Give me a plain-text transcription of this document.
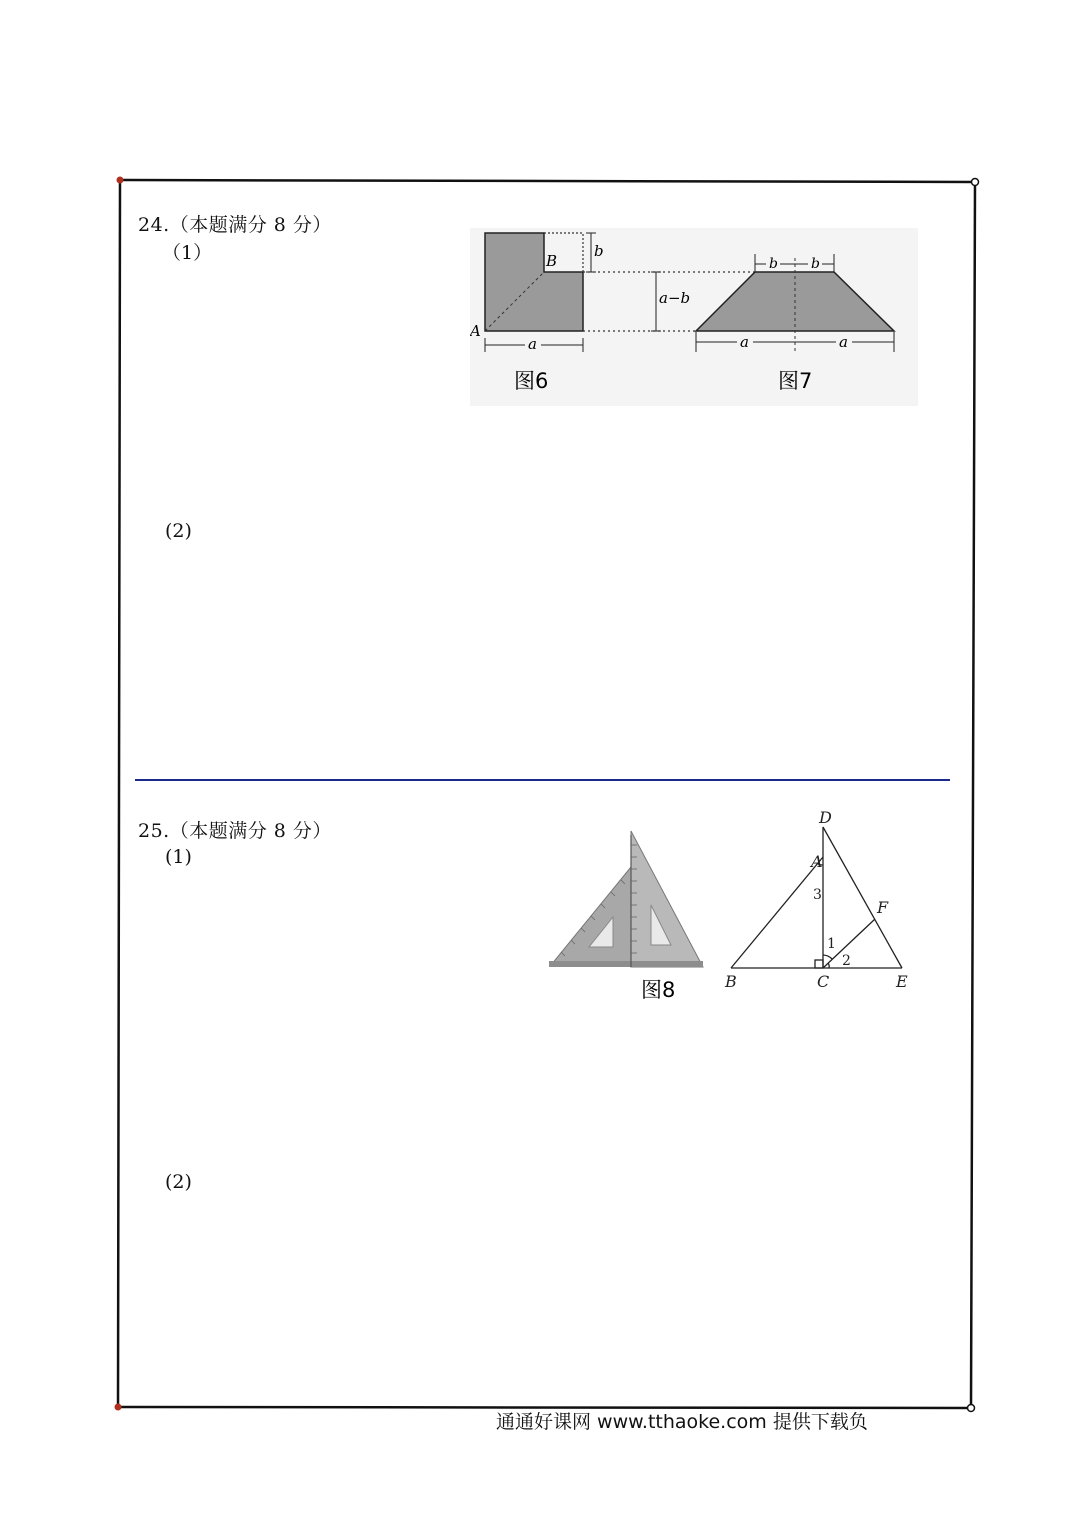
24.（本题满分 8 分）
（1）
(2)
b
a
A
B
a−b
b b
a	a
图6	图7
25.（本题满分 8 分）
(1)
(2)
图8
D
A
F
B	C	E
3
1
2
通通好课网 www.tthaoke.com 提供下载负
